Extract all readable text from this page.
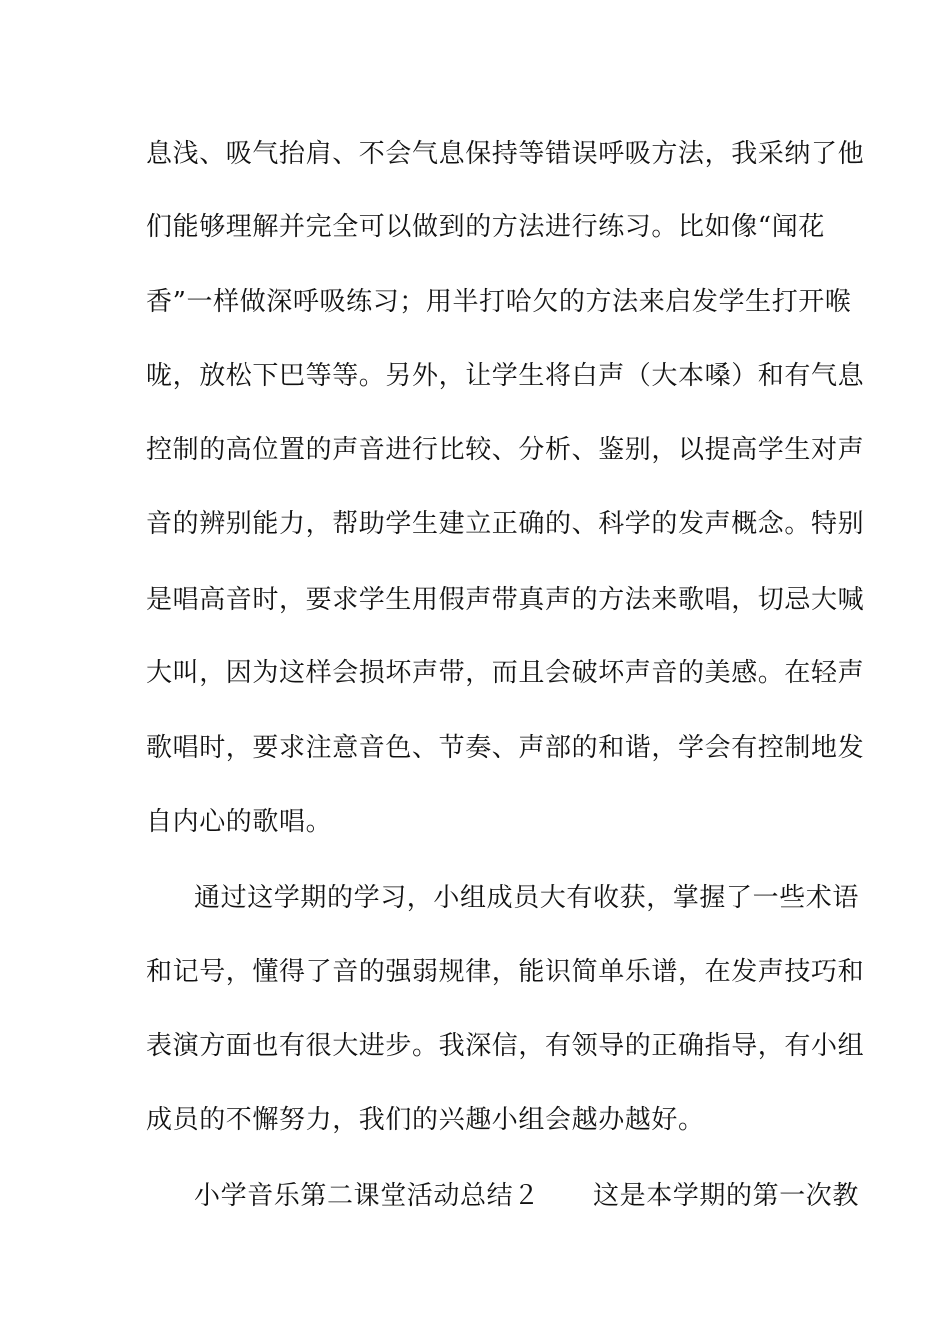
息浅、吸气抬肩、不会气息保持等错误呼吸方法，我采纳了他
们能够理解并完全可以做到的方法进行练习。比如像“闻花
香”一样做深呼吸练习；用半打哈欠的方法来启发学生打开喉
咙，放松下巴等等。另外，让学生将白声（大本嗓）和有气息
控制的高位置的声音进行比较、分析、鉴别，以提高学生对声
音的辨别能力，帮助学生建立正确的、科学的发声概念。特别
是唱高音时，要求学生用假声带真声的方法来歌唱，切忌大喊
大叫，因为这样会损坏声带，而且会破坏声音的美感。在轻声
歌唱时，要求注意音色、节奏、声部的和谐，学会有控制地发
自内心的歌唱。
通过这学期的学习，小组成员大有收获，掌握了一些术语
和记号，懂得了音的强弱规律，能识简单乐谱，在发声技巧和
表演方面也有很大进步。我深信，有领导的正确指导，有小组
成员的不懈努力，我们的兴趣小组会越办越好。
小学音乐第二课堂活动总结２　　这是本学期的第一次教
